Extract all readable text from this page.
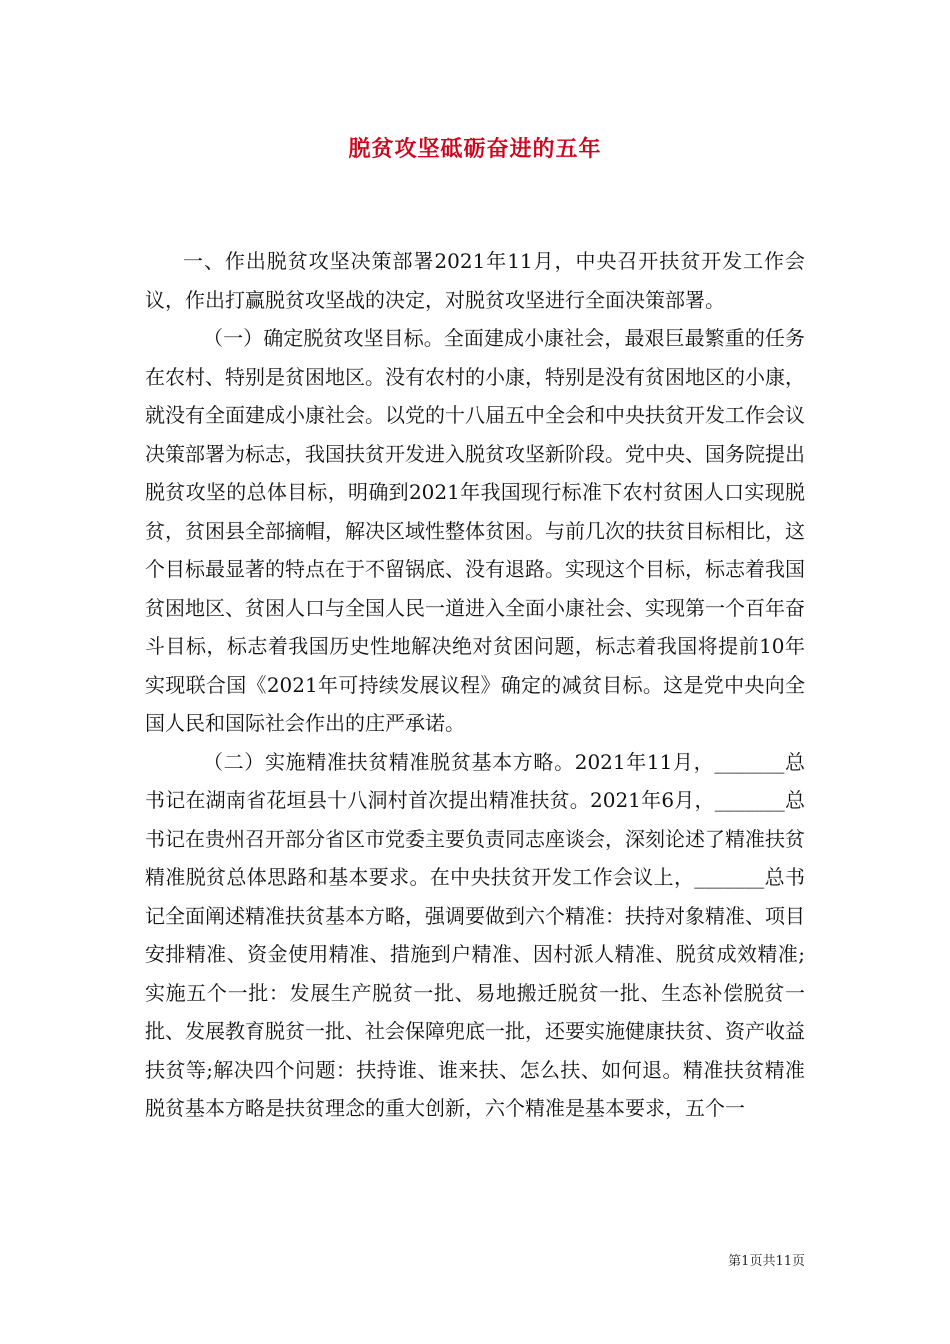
脱贫攻坚砥砺奋进的五年

一、作出脱贫攻坚决策部署2021年11月，中央召开扶贫开发工作会议，作出打赢脱贫攻坚战的决定，对脱贫攻坚进行全面决策部署。

（一）确定脱贫攻坚目标。全面建成小康社会，最艰巨最繁重的任务在农村、特别是贫困地区。没有农村的小康，特别是没有贫困地区的小康，就没有全面建成小康社会。以党的十八届五中全会和中央扶贫开发工作会议决策部署为标志，我国扶贫开发进入脱贫攻坚新阶段。党中央、国务院提出脱贫攻坚的总体目标，明确到2021年我国现行标准下农村贫困人口实现脱贫，贫困县全部摘帽，解决区域性整体贫困。与前几次的扶贫目标相比，这个目标最显著的特点在于不留锅底、没有退路。实现这个目标，标志着我国贫困地区、贫困人口与全国人民一道进入全面小康社会、实现第一个百年奋斗目标，标志着我国历史性地解决绝对贫困问题，标志着我国将提前10年实现联合国《2021年可持续发展议程》确定的减贫目标。这是党中央向全国人民和国际社会作出的庄严承诺。

（二）实施精准扶贫精准脱贫基本方略。2021年11月，_______总书记在湖南省花垣县十八洞村首次提出精准扶贫。2021年6月，_______总书记在贵州召开部分省区市党委主要负责同志座谈会，深刻论述了精准扶贫精准脱贫总体思路和基本要求。在中央扶贫开发工作会议上，_______总书记全面阐述精准扶贫基本方略，强调要做到六个精准：扶持对象精准、项目安排精准、资金使用精准、措施到户精准、因村派人精准、脱贫成效精准;实施五个一批：发展生产脱贫一批、易地搬迁脱贫一批、生态补偿脱贫一批、发展教育脱贫一批、社会保障兜底一批，还要实施健康扶贫、资产收益扶贫等;解决四个问题：扶持谁、谁来扶、怎么扶、如何退。精准扶贫精准脱贫基本方略是扶贫理念的重大创新，六个精准是基本要求，五个一

第1页共11页
